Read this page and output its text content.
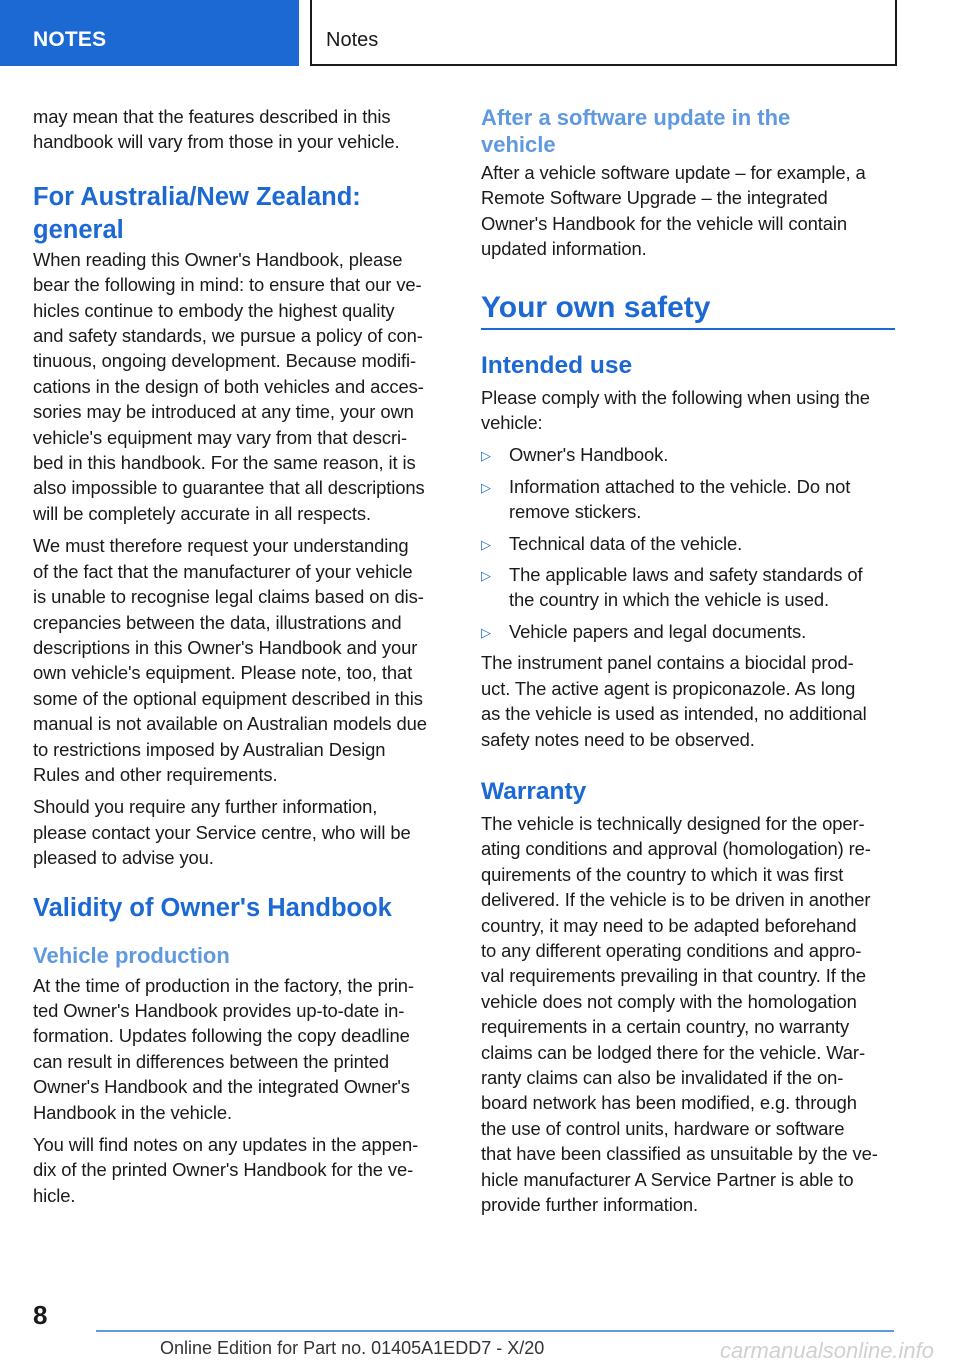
NOTES	Notes

may mean that the features described in this
handbook will vary from those in your vehicle.

For Australia/New Zealand:
general

When reading this Owner's Handbook, please
bear the following in mind: to ensure that our ve‐
hicles continue to embody the highest quality
and safety standards, we pursue a policy of con‐
tinuous, ongoing development. Because modifi‐
cations in the design of both vehicles and acces‐
sories may be introduced at any time, your own
vehicle's equipment may vary from that descri‐
bed in this handbook. For the same reason, it is
also impossible to guarantee that all descriptions
will be completely accurate in all respects.

We must therefore request your understanding
of the fact that the manufacturer of your vehicle
is unable to recognise legal claims based on dis‐
crepancies between the data, illustrations and
descriptions in this Owner's Handbook and your
own vehicle's equipment. Please note, too, that
some of the optional equipment described in this
manual is not available on Australian models due
to restrictions imposed by Australian Design
Rules and other requirements.

Should you require any further information,
please contact your Service centre, who will be
pleased to advise you.

Validity of Owner's Handbook
Vehicle production

At the time of production in the factory, the prin‐
ted Owner's Handbook provides up-to-date in‐
formation. Updates following the copy deadline
can result in differences between the printed
Owner's Handbook and the integrated Owner's
Handbook in the vehicle.

You will find notes on any updates in the appen‐
dix of the printed Owner's Handbook for the ve‐
hicle.

After a software update in the
vehicle

After a vehicle software update – for example, a
Remote Software Upgrade – the integrated
Owner's Handbook for the vehicle will contain
updated information.

Your own safety
Intended use

Please comply with the following when using the
vehicle:

▷ Owner's Handbook.

▷ Information attached to the vehicle. Do not
remove stickers.

▷ Technical data of the vehicle.

▷ The applicable laws and safety standards of
the country in which the vehicle is used.

▷ Vehicle papers and legal documents.

The instrument panel contains a biocidal prod‐
uct. The active agent is propiconazole. As long
as the vehicle is used as intended, no additional
safety notes need to be observed.

Warranty

The vehicle is technically designed for the oper‐
ating conditions and approval (homologation) re‐
quirements of the country to which it was first
delivered. If the vehicle is to be driven in another
country, it may need to be adapted beforehand
to any different operating conditions and appro‐
val requirements prevailing in that country. If the
vehicle does not comply with the homologation
requirements in a certain country, no warranty
claims can be lodged there for the vehicle. War‐
ranty claims can also be invalidated if the on-
board network has been modified, e.g. through
the use of control units, hardware or software
that have been classified as unsuitable by the ve‐
hicle manufacturer A Service Partner is able to
provide further information.

8
Online Edition for Part no. 01405A1EDD7 - X/20	carmanualsonline.info
